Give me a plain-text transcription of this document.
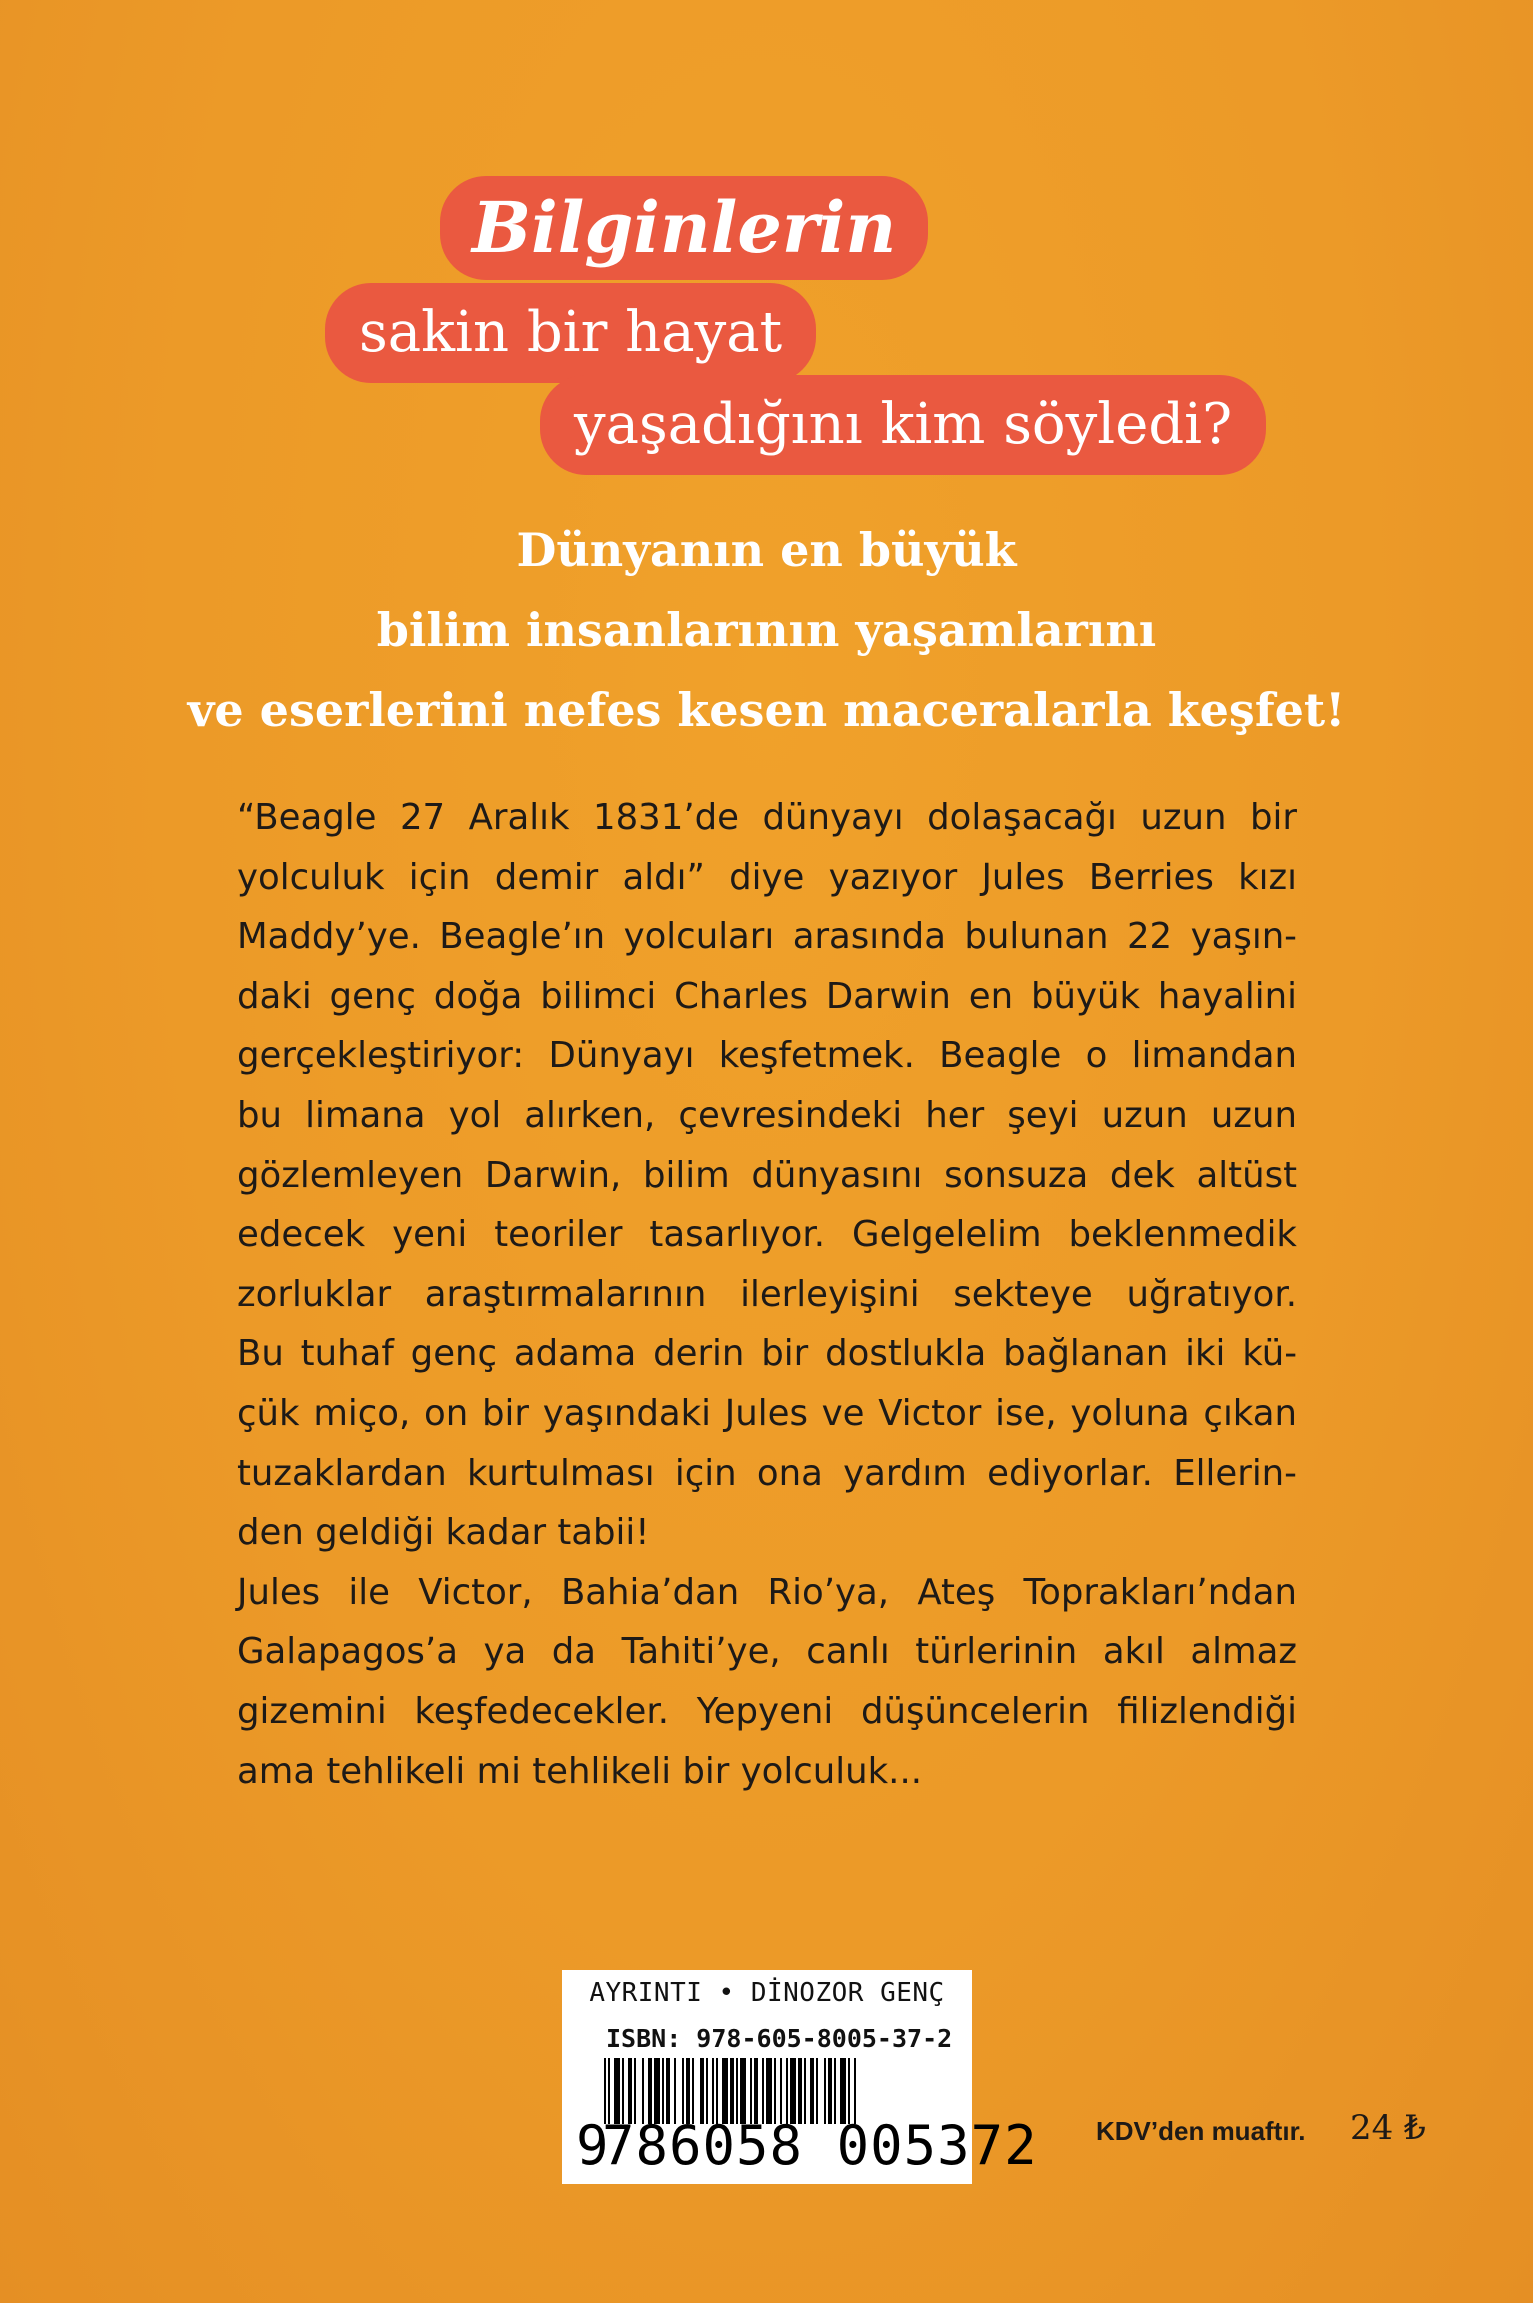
Bilginlerin
sakin bir hayat
yaşadığını kim söyledi?
Dünyanın en büyük
bilim insanlarının yaşamlarını
ve eserlerini nefes kesen maceralarla keşfet!
“Beagle 27 Aralık 1831’de dünyayı dolaşacağı uzun bir
yolculuk için demir aldı” diye yazıyor Jules Berries kızı
Maddy’ye. Beagle’ın yolcuları arasında bulunan 22 yaşın-
daki genç doğa bilimci Charles Darwin en büyük hayalini
gerçekleştiriyor: Dünyayı keşfetmek. Beagle o limandan
bu limana yol alırken, çevresindeki her şeyi uzun uzun
gözlemleyen Darwin, bilim dünyasını sonsuza dek altüst
edecek yeni teoriler tasarlıyor. Gelgelelim beklenmedik
zorluklar araştırmalarının ilerleyişini sekteye uğratıyor.
Bu tuhaf genç adama derin bir dostlukla bağlanan iki kü-
çük miço, on bir yaşındaki Jules ve Victor ise, yoluna çıkan
tuzaklardan kurtulması için ona yardım ediyorlar. Ellerin-
den geldiği kadar tabii!
Jules ile Victor, Bahia’dan Rio’ya, Ateş Toprakları’ndan
Galapagos’a ya da Tahiti’ye, canlı türlerinin akıl almaz
gizemini keşfedecekler. Yepyeni düşüncelerin filizlendiği
ama tehlikeli mi tehlikeli bir yolculuk...
AYRINTI • DİNOZOR GENÇ
ISBN: 978-605-8005-37-2
9
786058 005372 KDV’den muaftır. 24 ₺
